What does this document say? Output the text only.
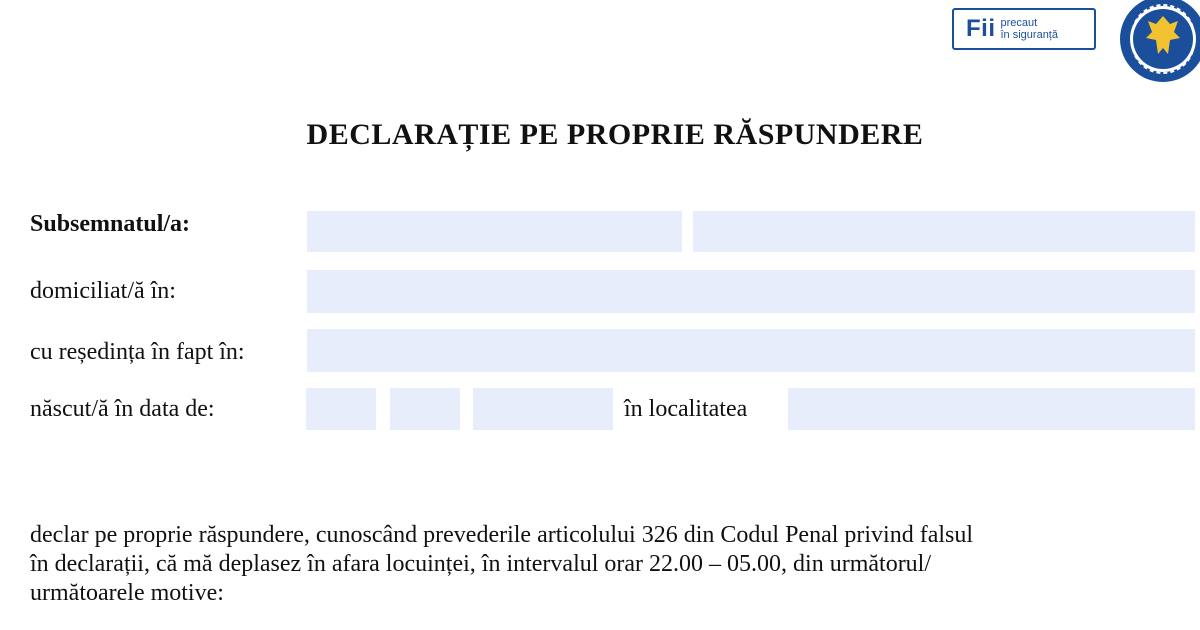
Fii precaut
în siguranță
DECLARAȚIE PE PROPRIE RĂSPUNDERE
Subsemnatul/a:
domiciliat/ă în:
cu reședința în fapt în:
născut/ă în data de:	în localitatea
declar pe proprie răspundere, cunoscând prevederile articolului 326 din Codul Penal privind falsul
în declarații, că mă deplasez în afara locuinței, în intervalul orar 22.00 – 05.00, din următorul/
următoarele motive:
